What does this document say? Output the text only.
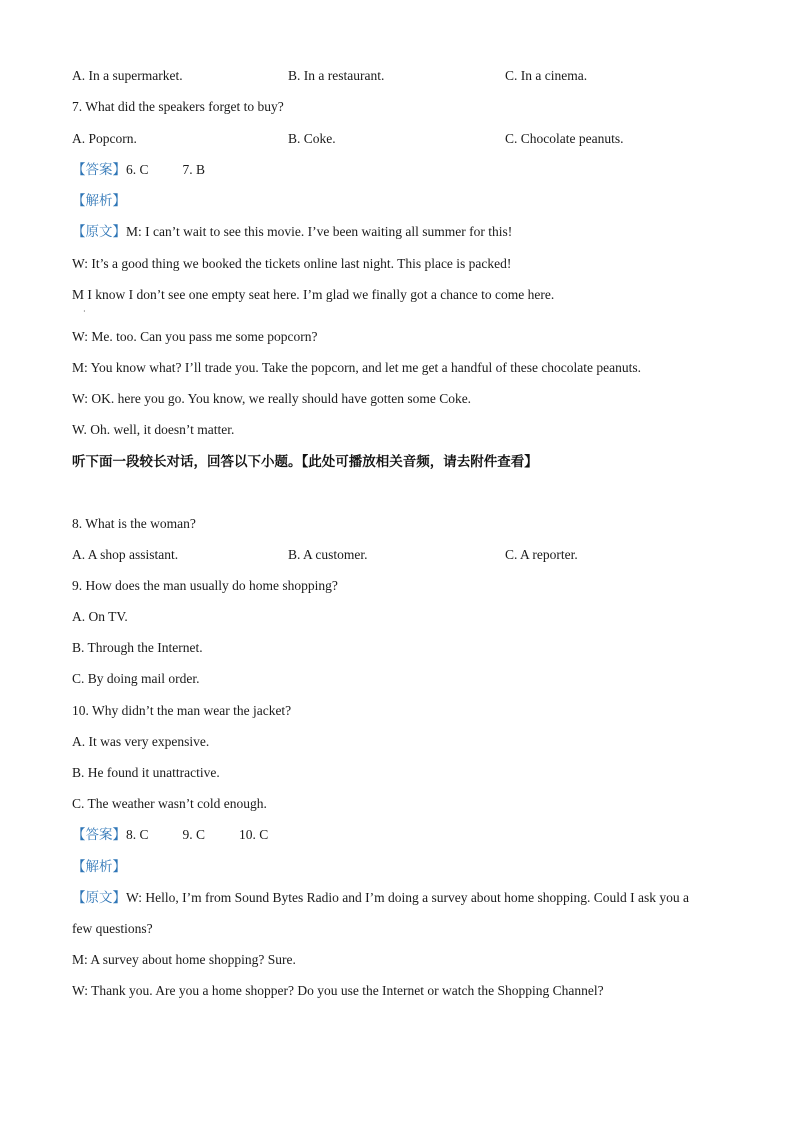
A. In a supermarket.	B. In a restaurant.	C. In a cinema.
7. What did the speakers forget to buy?
A. Popcorn.	B. Coke.	C. Chocolate peanuts.
【答案】6. C	7. B
【解析】
【原文】M: I can’t wait to see this movie. I’ve been waiting all summer for this!
W: It’s a good thing we booked the tickets online last night. This place is packed!
M I know I don’t see one empty seat here. I’m glad we finally got a chance to come here.
·
W: Me. too. Can you pass me some popcorn?
M: You know what? I’ll trade you. Take the popcorn, and let me get a handful of these chocolate peanuts.
W: OK. here you go. You know, we really should have gotten some Coke.
W. Oh. well, it doesn’t matter.
听下面一段较长对话，回答以下小题。【此处可播放相关音频，请去附件查看】
8. What is the woman?
A. A shop assistant.	B. A customer.	C. A reporter.
9. How does the man usually do home shopping?
A. On TV.
B. Through the Internet.
C. By doing mail order.
10. Why didn’t the man wear the jacket?
A. It was very expensive.
B. He found it unattractive.
C. The weather wasn’t cold enough.
【答案】8. C	9. C	10. C
【解析】
【原文】W: Hello, I’m from Sound Bytes Radio and I’m doing a survey about home shopping. Could I ask you a
few questions?
M: A survey about home shopping? Sure.
W: Thank you. Are you a home shopper? Do you use the Internet or watch the Shopping Channel?
